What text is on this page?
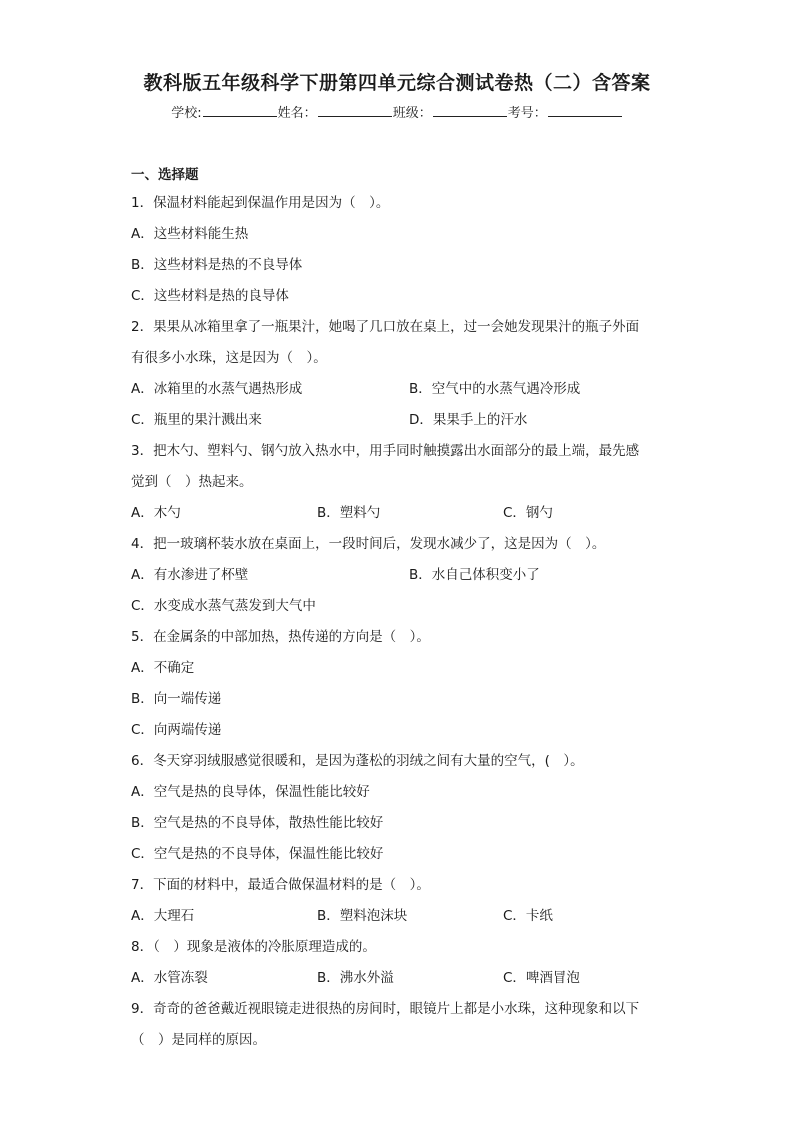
教科版五年级科学下册第四单元综合测试卷热（二）含答案
学校:	姓名：	班级：	考号：
一、选择题
1．保温材料能起到保温作用是因为（　）。
A．这些材料能生热
B．这些材料是热的不良导体
C．这些材料是热的良导体
2．果果从冰箱里拿了一瓶果汁，她喝了几口放在桌上，过一会她发现果汁的瓶子外面
有很多小水珠，这是因为（　）。
A．冰箱里的水蒸气遇热形成	B．空气中的水蒸气遇冷形成
C．瓶里的果汁溅出来	D．果果手上的汗水
3．把木勺、塑料勺、钢勺放入热水中，用手同时触摸露出水面部分的最上端，最先感
觉到（　）热起来。
A．木勺	B．塑料勺	C．钢勺
4．把一玻璃杯装水放在桌面上，一段时间后，发现水减少了，这是因为（　）。
A．有水渗进了杯壁	B．水自己体积变小了
C．水变成水蒸气蒸发到大气中
5．在金属条的中部加热，热传递的方向是（　）。
A．不确定
B．向一端传递
C．向两端传递
6．冬天穿羽绒服感觉很暖和，是因为蓬松的羽绒之间有大量的空气，(　）。
A．空气是热的良导体，保温性能比较好
B．空气是热的不良导体，散热性能比较好
C．空气是热的不良导体，保温性能比较好
7．下面的材料中，最适合做保温材料的是（　）。
A．大理石	B．塑料泡沫块	C．卡纸
8．（　）现象是液体的冷胀原理造成的。
A．水管冻裂	B．沸水外溢	C．啤酒冒泡
9．奇奇的爸爸戴近视眼镜走进很热的房间时，眼镜片上都是小水珠，这种现象和以下
（　）是同样的原因。
